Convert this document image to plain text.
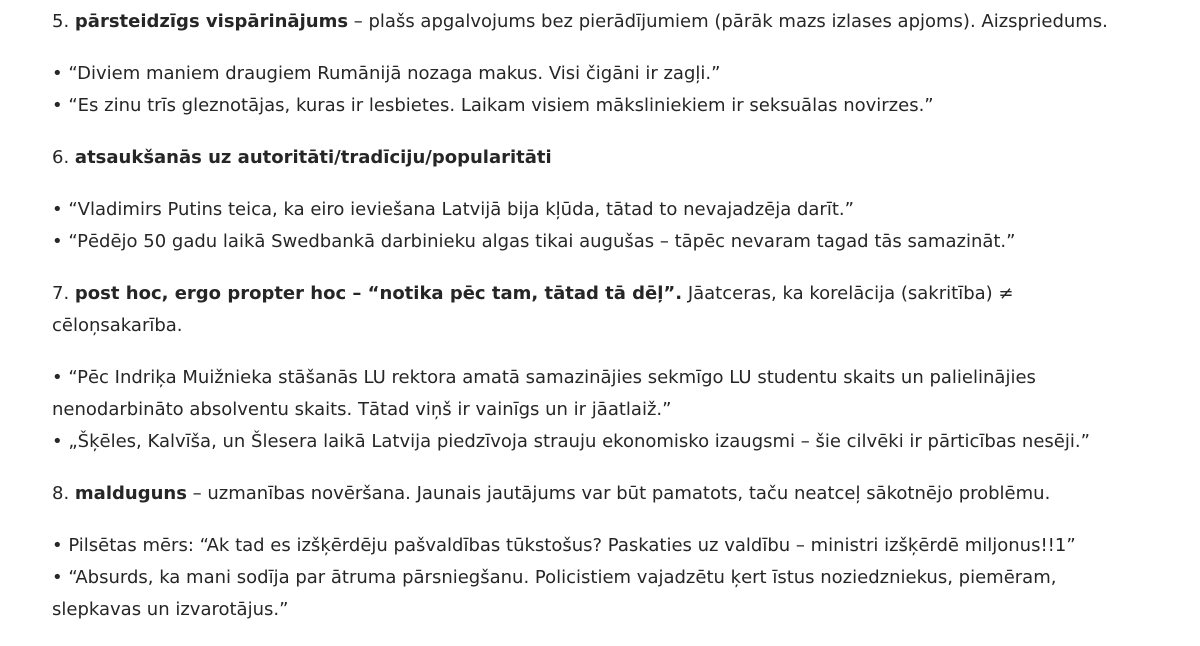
5. pārsteidzīgs vispārinājums – plašs apgalvojums bez pierādījumiem (pārāk mazs izlases apjoms). Aizspriedums.

• “Diviem maniem draugiem Rumānijā nozaga makus. Visi čigāni ir zagļi.”

• “Es zinu trīs gleznotājas, kuras ir lesbietes. Laikam visiem māksliniekiem ir seksuālas novirzes.”

6. atsaukšanās uz autoritāti/tradīciju/popularitāti

• “Vladimirs Putins teica, ka eiro ieviešana Latvijā bija kļūda, tātad to nevajadzēja darīt.”

• “Pēdējo 50 gadu laikā Swedbankā darbinieku algas tikai augušas – tāpēc nevaram tagad tās samazināt.”

7. post hoc, ergo propter hoc – “notika pēc tam, tātad tā dēļ”. Jāatceras, ka korelācija (sakritība) ≠ cēloņsakarība.

• “Pēc Indriķa Muižnieka stāšanās LU rektora amatā samazinājies sekmīgo LU studentu skaits un palielinājies nenodarbināto absolventu skaits. Tātad viņš ir vainīgs un ir jāatlaiž.”

• „Šķēles, Kalvīša, un Šlesera laikā Latvija piedzīvoja strauju ekonomisko izaugsmi – šie cilvēki ir pārticības nesēji.”

8. malduguns – uzmanības novēršana. Jaunais jautājums var būt pamatots, taču neatceļ sākotnējo problēmu.

• Pilsētas mērs: “Ak tad es izšķērdēju pašvaldības tūkstošus? Paskaties uz valdību – ministri izšķērdē miljonus!!1”

• “Absurds, ka mani sodīja par ātruma pārsniegšanu. Policistiem vajadzētu ķert īstus noziedzniekus, piemēram, slepkavas un izvarotājus.”
